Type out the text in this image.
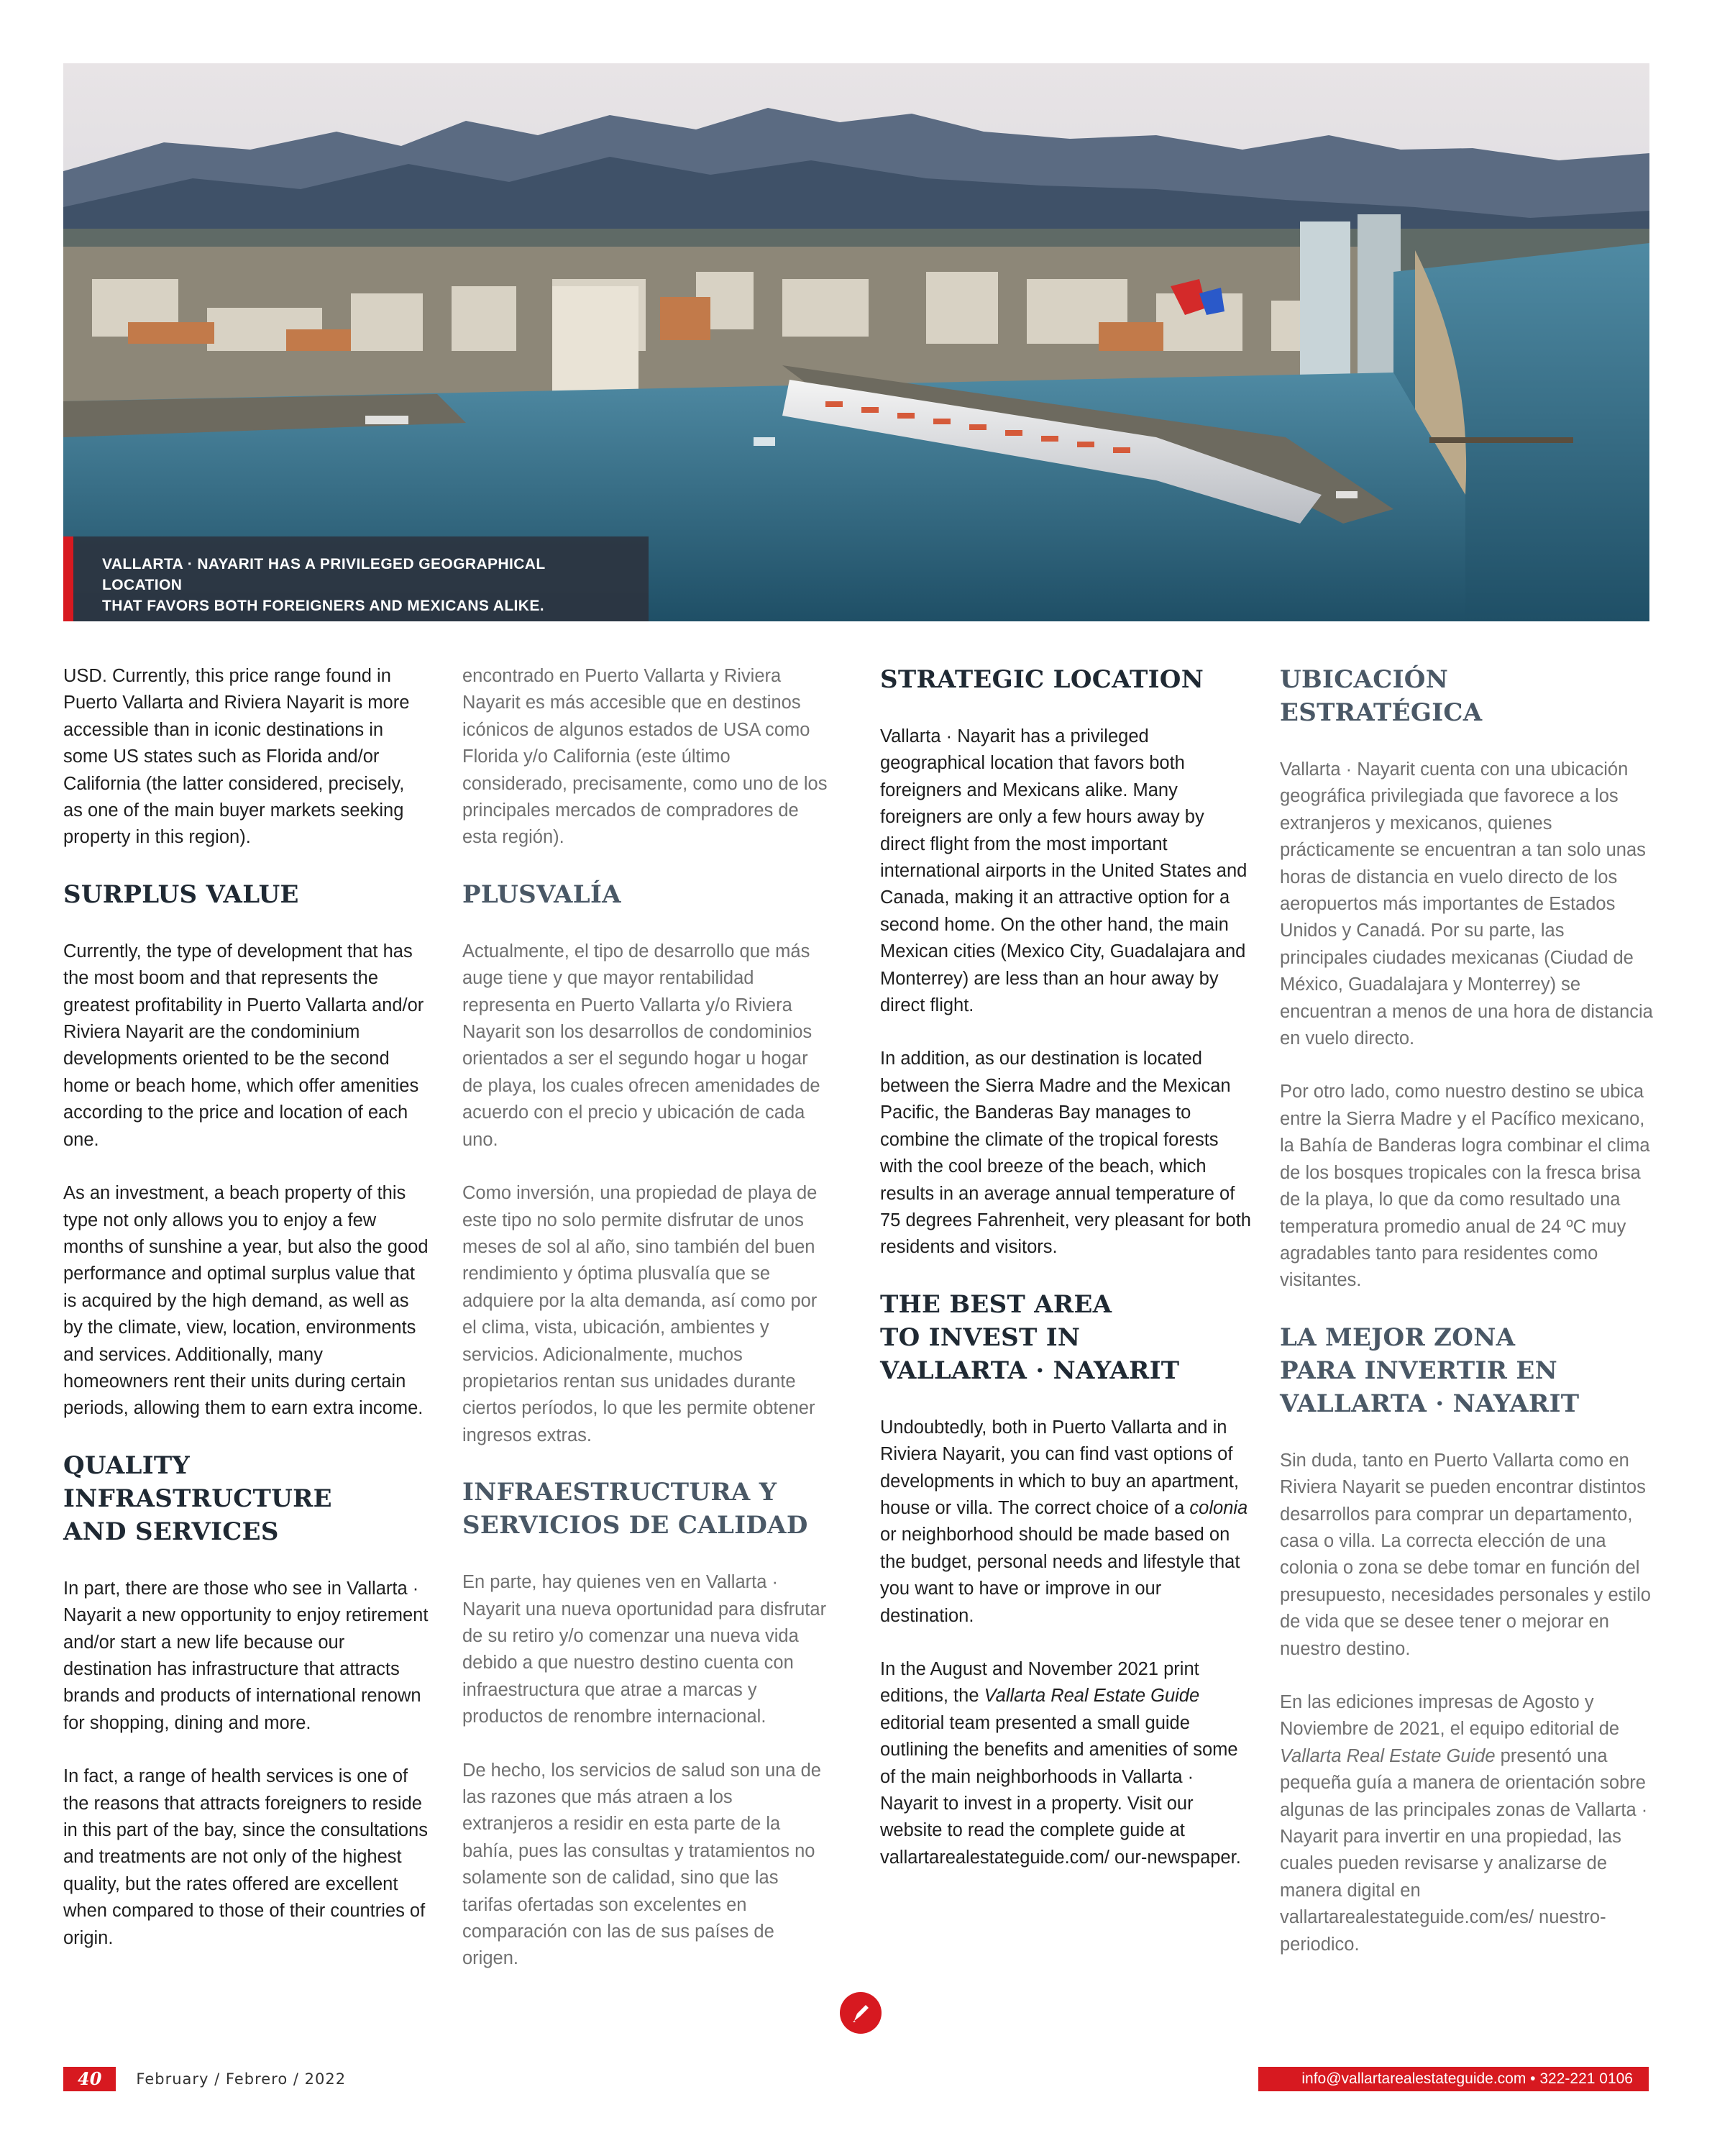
VALLARTA · NAYARIT HAS A PRIVILEGED GEOGRAPHICAL LOCATION
THAT FAVORS BOTH FOREIGNERS AND MEXICANS ALIKE.

USD. Currently, this price range found in Puerto Vallarta and Riviera Nayarit is more accessible than in iconic destinations in some US states such as Florida and/or California (the latter considered, precisely, as one of the main buyer markets seeking property in this region).

SURPLUS VALUE

Currently, the type of development that has the most boom and that represents the greatest profitability in Puerto Vallarta and/or Riviera Nayarit are the condominium developments oriented to be the second home or beach home, which offer amenities according to the price and location of each one.

As an investment, a beach property of this type not only allows you to enjoy a few months of sunshine a year, but also the good performance and optimal surplus value that is acquired by the high demand, as well as by the climate, view, location, environments and services. Additionally, many homeowners rent their units during certain periods, allowing them to earn extra income.

QUALITY
INFRASTRUCTURE
AND SERVICES

In part, there are those who see in Vallarta · Nayarit a new opportunity to enjoy retirement and/or start a new life because our destination has infrastructure that attracts brands and products of international renown for shopping, dining and more.

In fact, a range of health services is one of the reasons that attracts foreigners to reside in this part of the bay, since the consultations and treatments are not only of the highest quality, but the rates offered are excellent when compared to those of their countries of origin.

encontrado en Puerto Vallarta y Riviera Nayarit es más accesible que en destinos icónicos de algunos estados de USA como Florida y/o California (este último considerado, precisamente, como uno de los principales mercados de compradores de esta región).

PLUSVALÍA

Actualmente, el tipo de desarrollo que más auge tiene y que mayor rentabilidad representa en Puerto Vallarta y/o Riviera Nayarit son los desarrollos de condominios orientados a ser el segundo hogar u hogar de playa, los cuales ofrecen amenidades de acuerdo con el precio y ubicación de cada uno.

Como inversión, una propiedad de playa de este tipo no solo permite disfrutar de unos meses de sol al año, sino también del buen rendimiento y óptima plusvalía que se adquiere por la alta demanda, así como por el clima, vista, ubicación, ambientes y servicios. Adicionalmente, muchos propietarios rentan sus unidades durante ciertos períodos, lo que les permite obtener ingresos extras.

INFRAESTRUCTURA Y
SERVICIOS DE CALIDAD

En parte, hay quienes ven en Vallarta · Nayarit una nueva oportunidad para disfrutar de su retiro y/o comenzar una nueva vida debido a que nuestro destino cuenta con infraestructura que atrae a marcas y productos de renombre internacional.

De hecho, los servicios de salud son una de las razones que más atraen a los extranjeros a residir en esta parte de la bahía, pues las consultas y tratamientos no solamente son de calidad, sino que las tarifas ofertadas son excelentes en comparación con las de sus países de origen.

STRATEGIC LOCATION

Vallarta · Nayarit has a privileged geographical location that favors both foreigners and Mexicans alike. Many foreigners are only a few hours away by direct flight from the most important international airports in the United States and Canada, making it an attractive option for a second home. On the other hand, the main Mexican cities (Mexico City, Guadalajara and Monterrey) are less than an hour away by direct flight.

In addition, as our destination is located between the Sierra Madre and the Mexican Pacific, the Banderas Bay manages to combine the climate of the tropical forests with the cool breeze of the beach, which results in an average annual temperature of 75 degrees Fahrenheit, very pleasant for both residents and visitors.

THE BEST AREA
TO INVEST IN
VALLARTA · NAYARIT

Undoubtedly, both in Puerto Vallarta and in Riviera Nayarit, you can find vast options of developments in which to buy an apartment, house or villa. The correct choice of a colonia or neighborhood should be made based on the budget, personal needs and lifestyle that you want to have or improve in our destination.

In the August and November 2021 print editions, the Vallarta Real Estate Guide editorial team presented a small guide outlining the benefits and amenities of some of the main neighborhoods in Vallarta · Nayarit to invest in a property. Visit our website to read the complete guide at vallartarealestateguide.com/ our-newspaper.

UBICACIÓN ESTRATÉGICA

Vallarta · Nayarit cuenta con una ubicación geográfica privilegiada que favorece a los extranjeros y mexicanos, quienes prácticamente se encuentran a tan solo unas horas de distancia en vuelo directo de los aeropuertos más importantes de Estados Unidos y Canadá. Por su parte, las principales ciudades mexicanas (Ciudad de México, Guadalajara y Monterrey) se encuentran a menos de una hora de distancia en vuelo directo.

Por otro lado, como nuestro destino se ubica entre la Sierra Madre y el Pacífico mexicano, la Bahía de Banderas logra combinar el clima de los bosques tropicales con la fresca brisa de la playa, lo que da como resultado una temperatura promedio anual de 24 ºC muy agradables tanto para residentes como visitantes.

LA MEJOR ZONA
PARA INVERTIR EN
VALLARTA · NAYARIT

Sin duda, tanto en Puerto Vallarta como en Riviera Nayarit se pueden encontrar distintos desarrollos para comprar un departamento, casa o villa. La correcta elección de una colonia o zona se debe tomar en función del presupuesto, necesidades personales y estilo de vida que se desee tener o mejorar en nuestro destino.

En las ediciones impresas de Agosto y Noviembre de 2021, el equipo editorial de Vallarta Real Estate Guide presentó una pequeña guía a manera de orientación sobre algunas de las principales zonas de Vallarta · Nayarit para invertir en una propiedad, las cuales pueden revisarse y analizarse de manera digital en vallartarealestateguide.com/es/ nuestro-periodico.

40	February / Febrero / 2022	info@vallartarealestateguide.com • 322-221 0106
